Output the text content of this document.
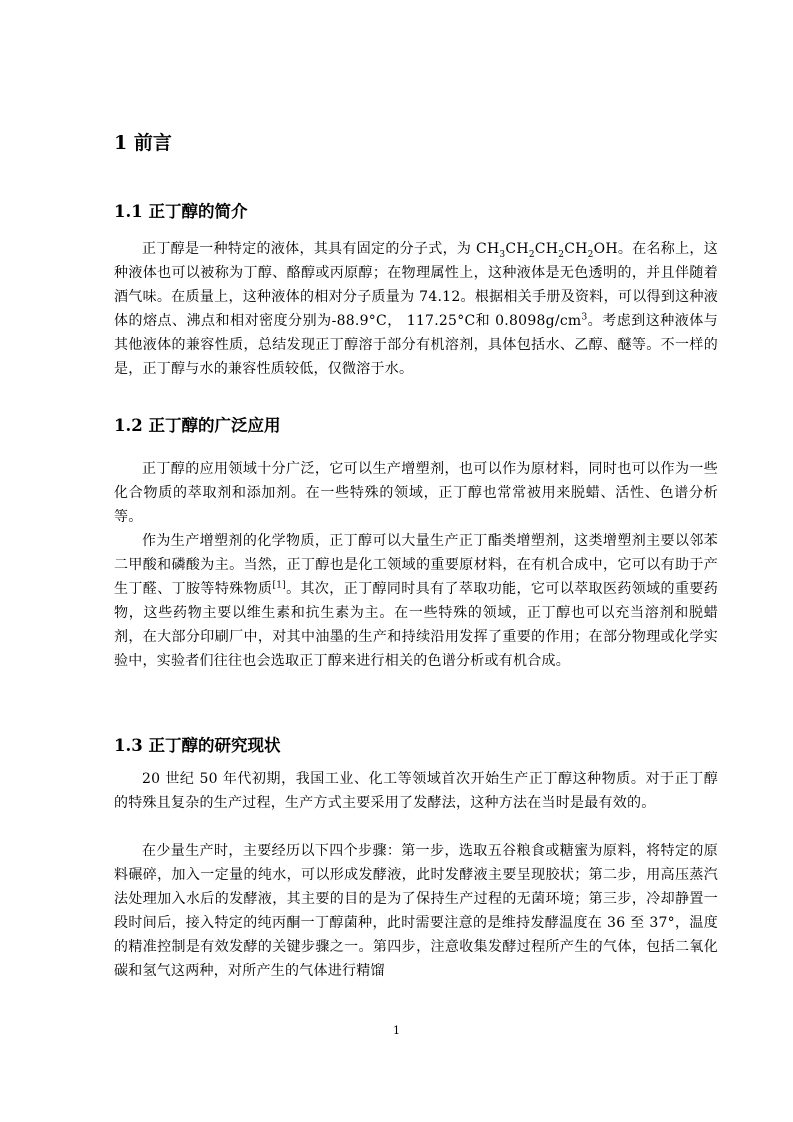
1 前言
1.1 正丁醇的简介

正丁醇是一种特定的液体，其具有固定的分子式，为 $CH_3CH_2CH_2CH_2OH$。在名称上，这种液体也可以被称为丁醇、酪醇或丙原醇；在物理属性上，这种液体是无色透明的，并且伴随着酒气味。在质量上，这种液体的相对分子质量为 74.12。根据相关手册及资料，可以得到这种液体的熔点、沸点和相对密度分别为-88.9°C， 117.25°C和 $0.8098g/cm^3$。考虑到这种液体与其他液体的兼容性质，总结发现正丁醇溶于部分有机溶剂，具体包括水、乙醇、醚等。不一样的是，正丁醇与水的兼容性质较低，仅微溶于水。

1.2 正丁醇的广泛应用

正丁醇的应用领域十分广泛，它可以生产增塑剂，也可以作为原材料，同时也可以作为一些化合物质的萃取剂和添加剂。在一些特殊的领域，正丁醇也常常被用来脱蜡、活性、色谱分析等。

作为生产增塑剂的化学物质，正丁醇可以大量生产正丁酯类增塑剂，这类增塑剂主要以邻苯二甲酸和磷酸为主。当然，正丁醇也是化工领域的重要原材料，在有机合成中，它可以有助于产生丁醛、丁胺等特殊物质[1]。其次，正丁醇同时具有了萃取功能，它可以萃取医药领域的重要药物，这些药物主要以维生素和抗生素为主。在一些特殊的领域，正丁醇也可以充当溶剂和脱蜡剂，在大部分印刷厂中，对其中油墨的生产和持续沿用发挥了重要的作用；在部分物理或化学实验中，实验者们往往也会选取正丁醇来进行相关的色谱分析或有机合成。

1.3 正丁醇的研究现状

20 世纪 50 年代初期，我国工业、化工等领域首次开始生产正丁醇这种物质。对于正丁醇的特殊且复杂的生产过程，生产方式主要采用了发酵法，这种方法在当时是最有效的。

在少量生产时，主要经历以下四个步骤：第一步，选取五谷粮食或糖蜜为原料，将特定的原料碾碎，加入一定量的纯水，可以形成发酵液，此时发酵液主要呈现胶状；第二步，用高压蒸汽法处理加入水后的发酵液，其主要的目的是为了保持生产过程的无菌环境；第三步，冷却静置一段时间后，接入特定的纯丙酮一丁醇菌种，此时需要注意的是维持发酵温度在 36 至 37°，温度的精准控制是有效发酵的关键步骤之一。第四步，注意收集发酵过程所产生的气体，包括二氧化碳和氢气这两种，对所产生的气体进行精馏

1
